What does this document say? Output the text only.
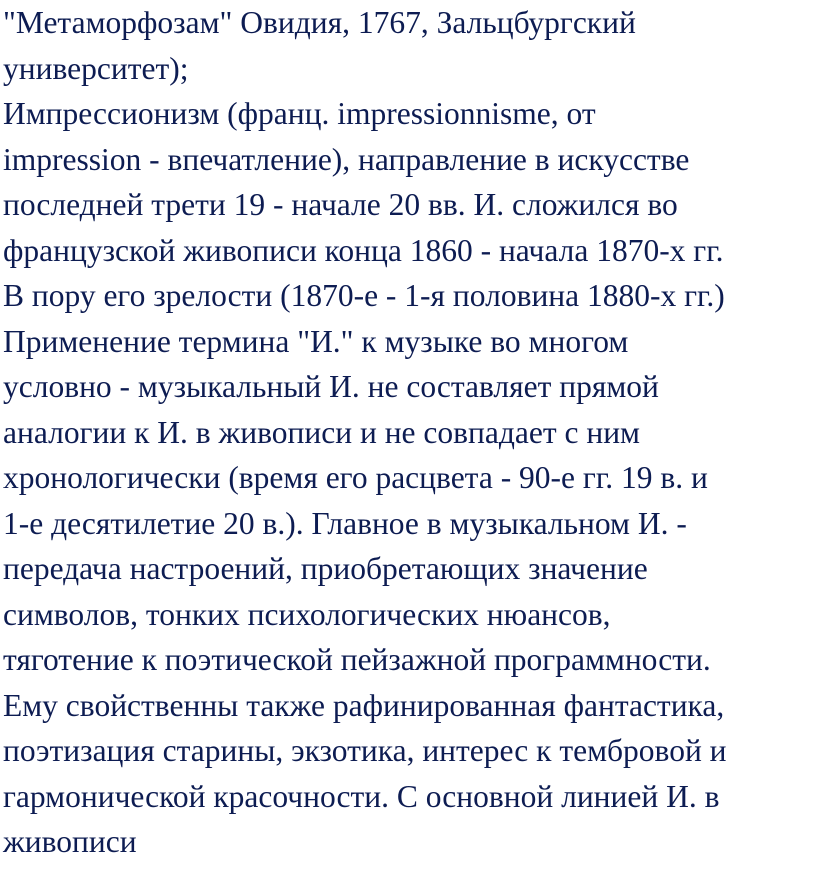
"Метаморфозам" Овидия, 1767, Зальцбургский
университет);
Импрессионизм (франц. impressionnisme, от
impression - впечатление), направление в искусстве
последней трети 19 - начале 20 вв. И. сложился во
французской живописи конца 1860 - начала 1870-х гг.
В пору его зрелости (1870-е - 1-я половина 1880-х гг.)
Применение термина "И." к музыке во многом
условно - музыкальный И. не составляет прямой
аналогии к И. в живописи и не совпадает с ним
хронологически (время его расцвета - 90-е гг. 19 в. и
1-е десятилетие 20 в.). Главное в музыкальном И. -
передача настроений, приобретающих значение
символов, тонких психологических нюансов,
тяготение к поэтической пейзажной программности.
Ему свойственны также рафинированная фантастика,
поэтизация старины, экзотика, интерес к тембровой и
гармонической красочности. С основной линией И. в
живописи
